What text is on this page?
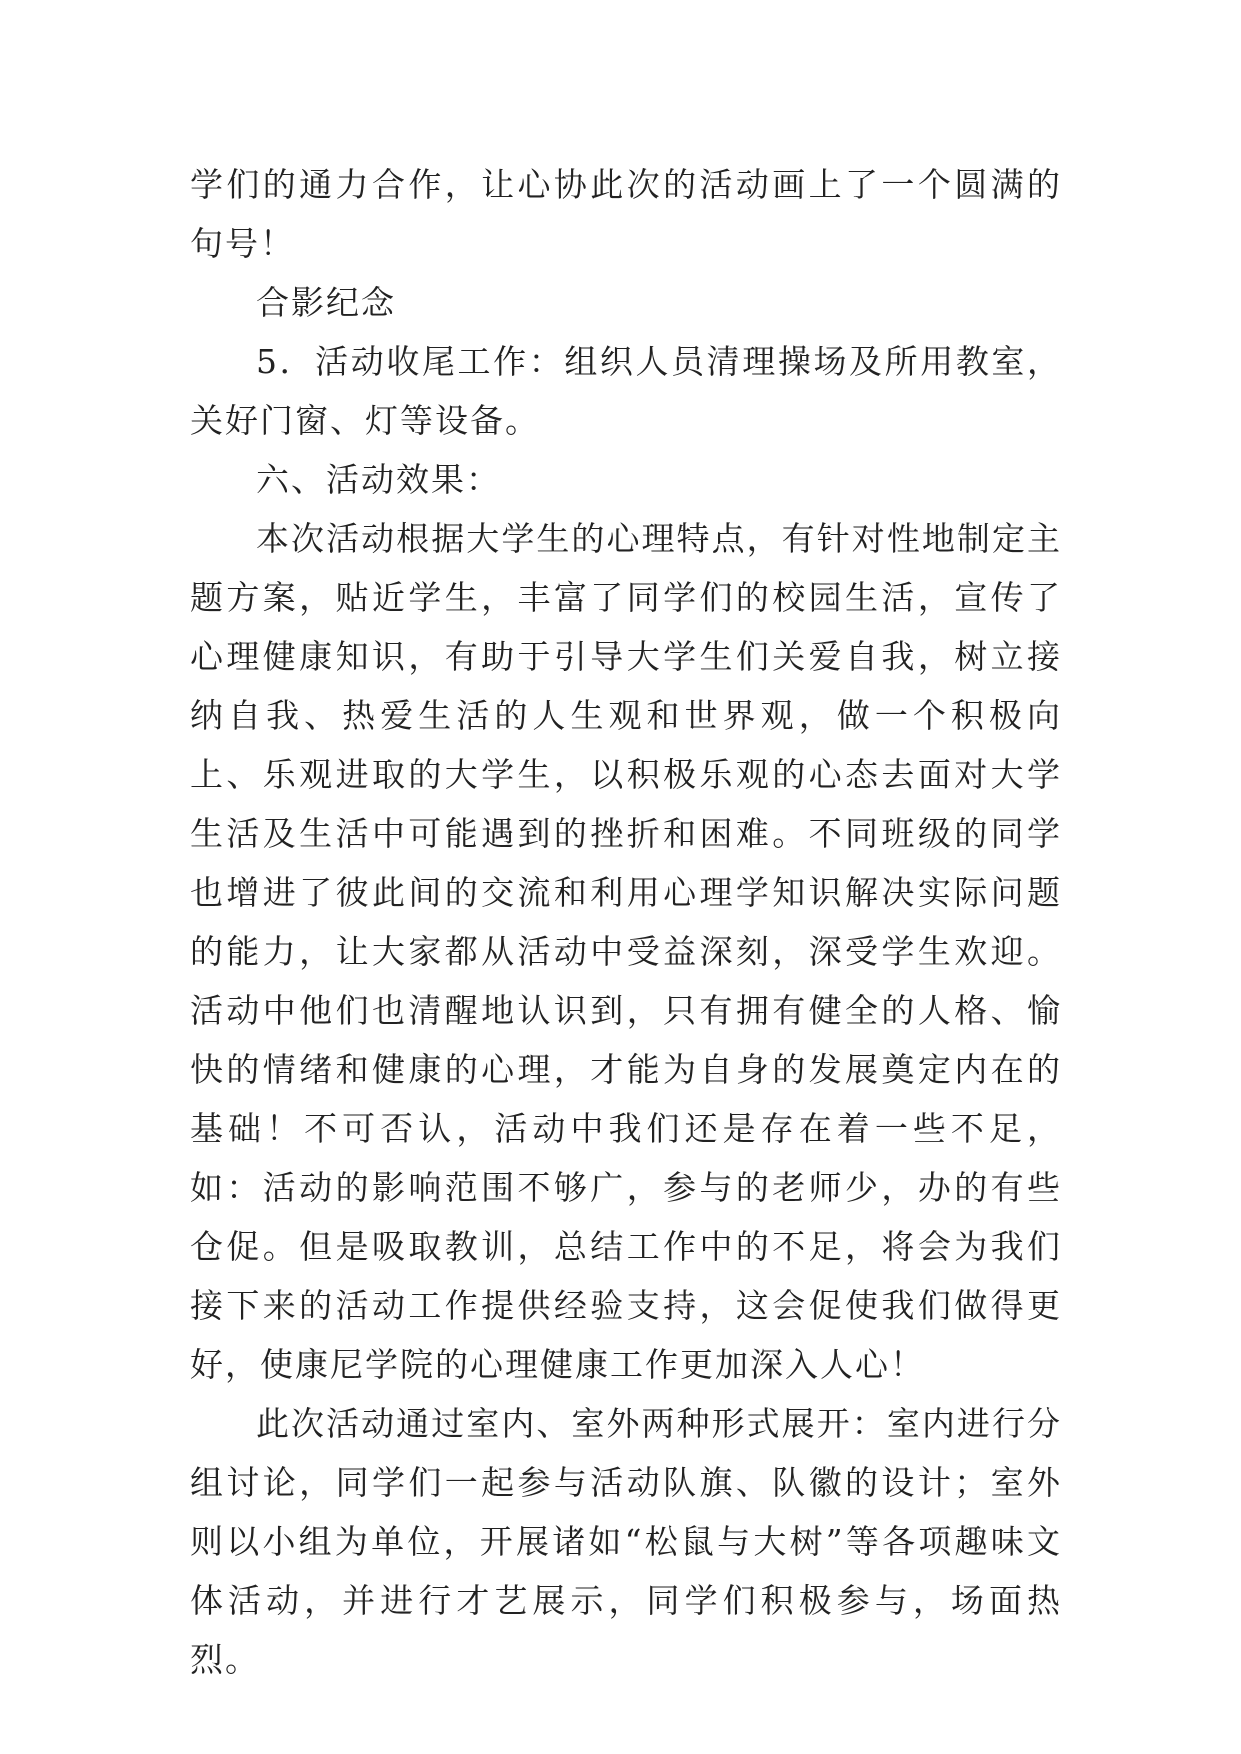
学们的通力合作，让心协此次的活动画上了一个圆满的句号！

合影纪念

5．活动收尾工作：组织人员清理操场及所用教室，关好门窗、灯等设备。

六、活动效果：

本次活动根据大学生的心理特点，有针对性地制定主题方案，贴近学生，丰富了同学们的校园生活，宣传了心理健康知识，有助于引导大学生们关爱自我，树立接纳自我、热爱生活的人生观和世界观，做一个积极向上、乐观进取的大学生，以积极乐观的心态去面对大学生活及生活中可能遇到的挫折和困难。不同班级的同学也增进了彼此间的交流和利用心理学知识解决实际问题的能力，让大家都从活动中受益深刻，深受学生欢迎。活动中他们也清醒地认识到，只有拥有健全的人格、愉快的情绪和健康的心理，才能为自身的发展奠定内在的基础！不可否认，活动中我们还是存在着一些不足，如：活动的影响范围不够广，参与的老师少，办的有些仓促。但是吸取教训，总结工作中的不足，将会为我们接下来的活动工作提供经验支持，这会促使我们做得更好，使康尼学院的心理健康工作更加深入人心！

此次活动通过室内、室外两种形式展开：室内进行分组讨论，同学们一起参与活动队旗、队徽的设计；室外则以小组为单位，开展诸如“松鼠与大树”等各项趣味文体活动，并进行才艺展示，同学们积极参与，场面热烈。
